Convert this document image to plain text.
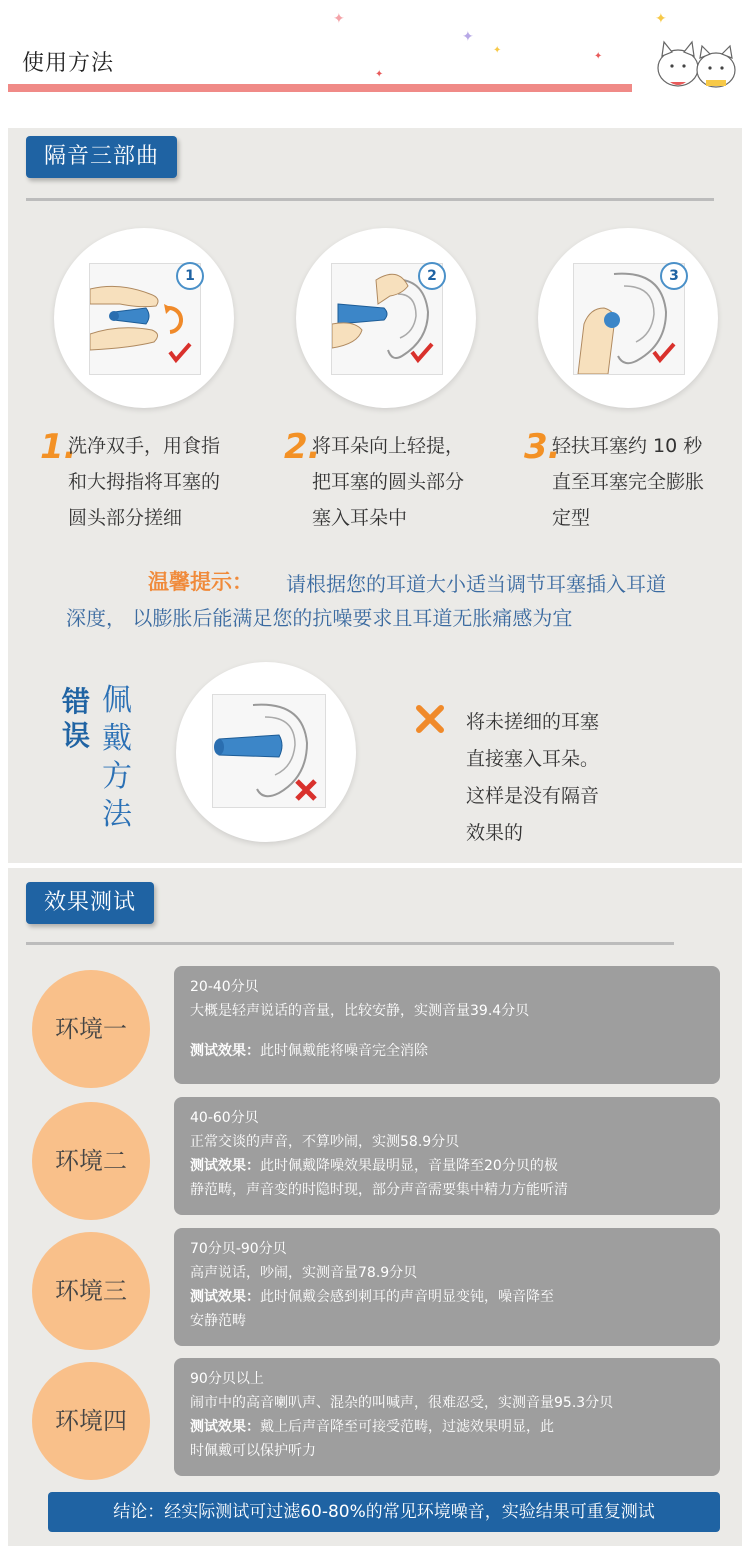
使用方法
✦
✦
✦
✦
✦
✦
隔音三部曲
1	2	3
1.
洗净双手，用食指
和大拇指将耳塞的
圆头部分搓细
2.
将耳朵向上轻提，
把耳塞的圆头部分
塞入耳朵中
3.
轻扶耳塞约 10 秒
直至耳塞完全膨胀
定型
温馨提示： 请根据您的耳道大小适当调节耳塞插入耳道
深度， 以膨胀后能满足您的抗噪要求且耳道无胀痛感为宜
错误
佩戴方法
将未搓细的耳塞
直接塞入耳朵。
这样是没有隔音
效果的
效果测试
环境一
20-40分贝
大概是轻声说话的音量，比较安静，实测音量39.4分贝
测试效果：此时佩戴能将噪音完全消除
环境二
40-60分贝
正常交谈的声音，不算吵闹，实测58.9分贝
测试效果：此时佩戴降噪效果最明显，音量降至20分贝的极
静范畴，声音变的时隐时现，部分声音需要集中精力方能听清
环境三
70分贝-90分贝
高声说话，吵闹，实测音量78.9分贝
测试效果：此时佩戴会感到刺耳的声音明显变钝，噪音降至
安静范畴
环境四
90分贝以上
闹市中的高音喇叭声、混杂的叫喊声，很难忍受，实测音量95.3分贝
测试效果：戴上后声音降至可接受范畴，过滤效果明显，此
时佩戴可以保护听力
结论：经实际测试可过滤60-80%的常见环境噪音，实验结果可重复测试
